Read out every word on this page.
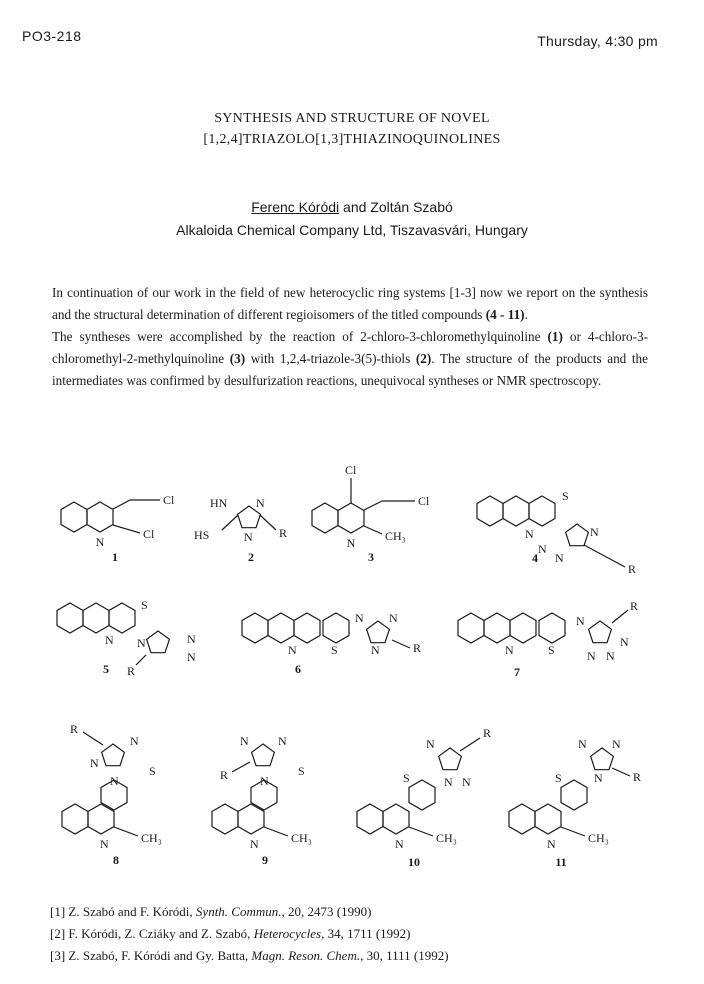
PO3-218	Thursday, 4:30 pm
SYNTHESIS AND STRUCTURE OF NOVEL
[1,2,4]TRIAZOLO[1,3]THIAZINOQUINOLINES
Ferenc Kóródi and Zoltán Szabó
Alkaloida Chemical Company Ltd, Tiszavasvári, Hungary

In continuation of our work in the field of new heterocyclic ring systems [1-3] now we report on the synthesis and the structural determination of different regioisomers of the titled compounds (4 - 11).

The syntheses were accomplished by the reaction of 2-chloro-3-chloromethylquinoline (1) or 4-chloro-3-chloromethyl-2-methylquinoline (3) with 1,2,4-triazole-3(5)-thiols (2). The structure of the products and the intermediates was confirmed by desulfurization reactions, unequivocal syntheses or NMR spectroscopy.

N
Cl
Cl
1
HN N
N
HS	R
2
Cl
Cl
CH₃
N
3
S
N
N
N
N
R
4
S
N N	N
N
R
5
N N
N
S
N	R
6
N
N
N
N
S
N
R
7
N
N
N
S
N
R
CH₃
8
N N
N
S
N
R
CH₃
9
N
N
N
S
N
R
CH₃
10
N N
N
S
N
R
CH₃
11
[1] Z. Szabó and F. Kóródi, Synth. Commun., 20, 2473 (1990)
[2] F. Kóródi, Z. Cziáky and Z. Szabó, Heterocycles, 34, 1711 (1992)
[3] Z. Szabó, F. Kóródi and Gy. Batta, Magn. Reson. Chem., 30, 1111 (1992)
